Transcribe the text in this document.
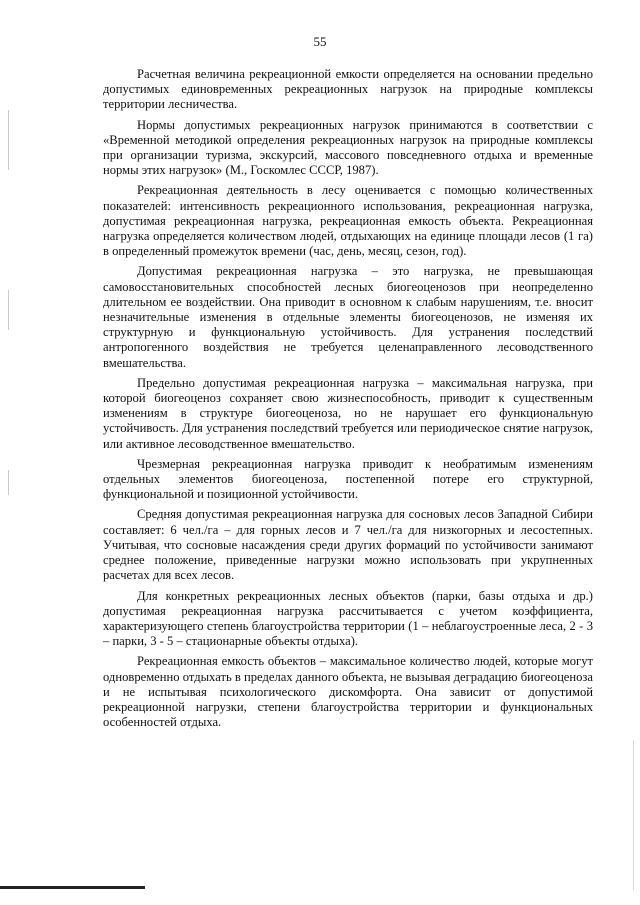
55

Расчетная величина рекреационной емкости определяется на основании предельно допустимых единовременных рекреационных нагрузок на природные комплексы территории лесничества.

Нормы допустимых рекреационных нагрузок принимаются в соответствии с «Временной методикой определения рекреационных нагрузок на природные комплексы при организации туризма, экскурсий, массового повседневного отдыха и временные нормы этих нагрузок» (М., Госкомлес СССР, 1987).

Рекреационная деятельность в лесу оценивается с помощью количественных показателей: интенсивность рекреационного использования, рекреационная нагрузка, допустимая рекреационная нагрузка, рекреационная емкость объекта. Рекреационная нагрузка определяется количеством людей, отдыхающих на единице площади лесов (1 га) в определенный промежуток времени (час, день, месяц, сезон, год).

Допустимая рекреационная нагрузка – это нагрузка, не превышающая самовосстановительных способностей лесных биогеоценозов при неопределенно длительном ее воздействии. Она приводит в основном к слабым нарушениям, т.е. вносит незначительные изменения в отдельные элементы биогеоценозов, не изменяя их структурную и функциональную устойчивость. Для устранения последствий антропогенного воздействия не требуется целенаправленного лесоводственного вмешательства.

Предельно допустимая рекреационная нагрузка – максимальная нагрузка, при которой биогеоценоз сохраняет свою жизнеспособность, приводит к существенным изменениям в структуре биогеоценоза, но не нарушает его функциональную устойчивость. Для устранения последствий требуется или периодическое снятие нагрузок, или активное лесоводственное вмешательство.

Чрезмерная рекреационная нагрузка приводит к необратимым изменениям отдельных элементов биогеоценоза, постепенной потере его структурной, функциональной и позиционной устойчивости.

Средняя допустимая рекреационная нагрузка для сосновых лесов Западной Сибири составляет: 6 чел./га – для горных лесов и 7 чел./га для низкогорных и лесостепных. Учитывая, что сосновые насаждения среди других формаций по устойчивости занимают среднее положение, приведенные нагрузки можно использовать при укрупненных расчетах для всех лесов.

Для конкретных рекреационных лесных объектов (парки, базы отдыха и др.) допустимая рекреационная нагрузка рассчитывается с учетом коэффициента, характеризующего степень благоустройства территории (1 – неблагоустроенные леса, 2 - 3 – парки, 3 - 5 – стационарные объекты отдыха).

Рекреационная емкость объектов – максимальное количество людей, которые могут одновременно отдыхать в пределах данного объекта, не вызывая деградацию биогеоценоза и не испытывая психологического дискомфорта. Она зависит от допустимой рекреационной нагрузки, степени благоустройства территории и функциональных особенностей отдыха.
